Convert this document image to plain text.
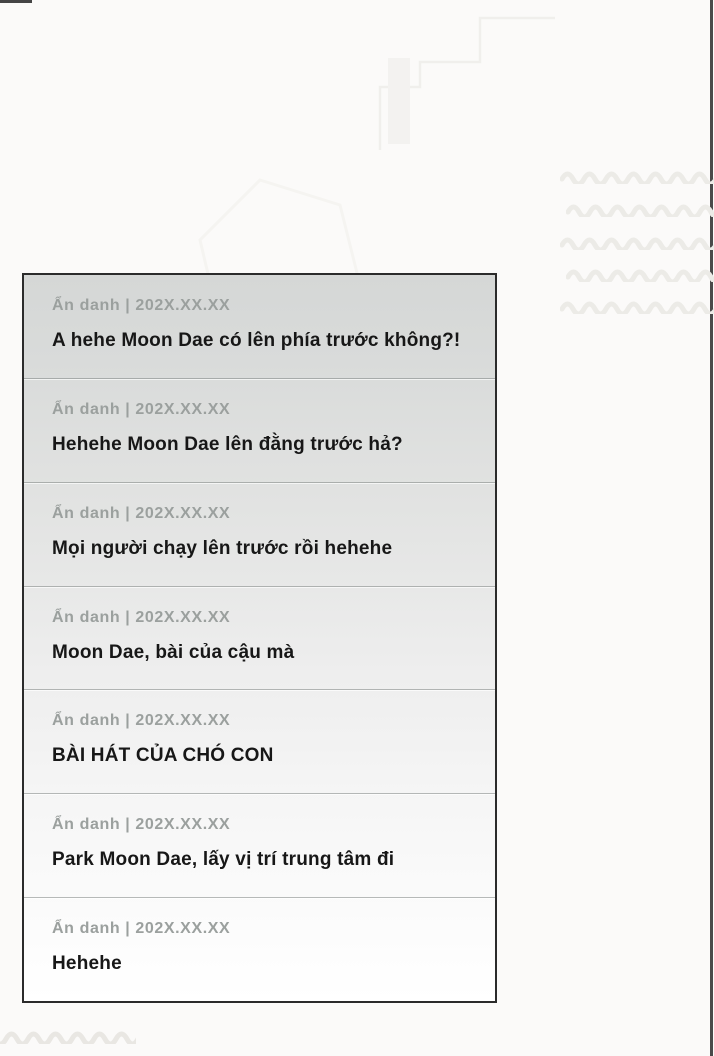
Ẩn danh | 202X.XX.XX
A hehe Moon Dae có lên phía trước không?!
Ẩn danh | 202X.XX.XX
Hehehe Moon Dae lên đằng trước hả?
Ẩn danh | 202X.XX.XX
Mọi người chạy lên trước rồi hehehe
Ẩn danh | 202X.XX.XX
Moon Dae, bài của cậu mà
Ẩn danh | 202X.XX.XX
BÀI HÁT CỦA CHÓ CON
Ẩn danh | 202X.XX.XX
Park Moon Dae, lấy vị trí trung tâm đi
Ẩn danh | 202X.XX.XX
Hehehe
